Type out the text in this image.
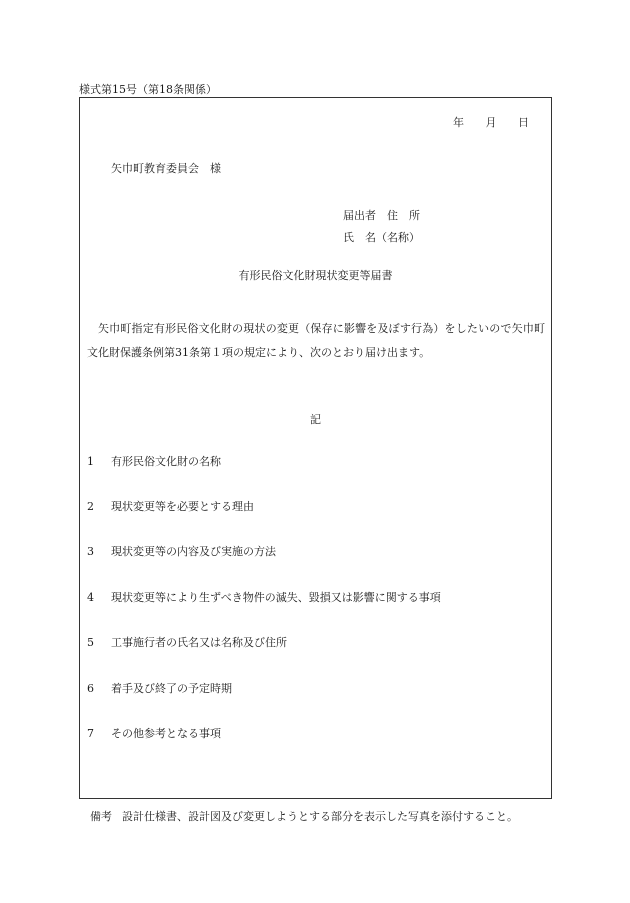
様式第15号（第18条関係）
年 月 日
矢巾町教育委員会　様
届出者　住　所
氏　名（名称）
有形民俗文化財現状変更等届書
矢巾町指定有形民俗文化財の現状の変更（保存に影響を及ぼす行為）をしたいので矢巾町文化財保護条例第31条第１項の規定により、次のとおり届け出ます。
記
1 有形民俗文化財の名称
2 現状変更等を必要とする理由
3 現状変更等の内容及び実施の方法
4 現状変更等により生ずべき物件の滅失、毀損又は影響に関する事項
5 工事施行者の氏名又は名称及び住所
6 着手及び終了の予定時期
7 その他参考となる事項
備考 設計仕様書、設計図及び変更しようとする部分を表示した写真を添付すること。
